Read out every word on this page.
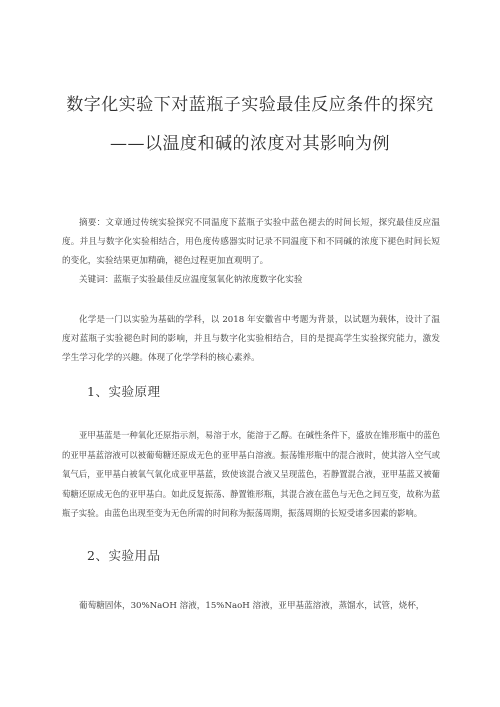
数字化实验下对蓝瓶子实验最佳反应条件的探究
——以温度和碱的浓度对其影响为例

摘要：文章通过传统实验探究不同温度下蓝瓶子实验中蓝色褪去的时间长短，探究最佳反应温度。并且与数字化实验相结合，用色度传感器实时记录不同温度下和不同碱的浓度下褪色时间长短的变化，实验结果更加精确，褪色过程更加直观明了。

关键词：蓝瓶子实验最佳反应温度氢氧化钠浓度数字化实验

化学是一门以实验为基础的学科，以 2018 年安徽省中考题为背景，以试题为载体，设计了温度对蓝瓶子实验褪色时间的影响，并且与数字化实验相结合，目的是提高学生实验探究能力，激发学生学习化学的兴趣。体现了化学学科的核心素养。

1、实验原理

亚甲基蓝是一种氧化还原指示剂，易溶于水，能溶于乙醇。在碱性条件下，盛放在锥形瓶中的蓝色的亚甲基蓝溶液可以被葡萄糖还原成无色的亚甲基白溶液。振荡锥形瓶中的混合液时，使其溶入空气或氧气后，亚甲基白被氧气氧化成亚甲基蓝，致使该混合液又呈现蓝色，若静置混合液，亚甲基蓝又被葡萄糖还原成无色的亚甲基白。如此反复振荡、静置锥形瓶，其混合液在蓝色与无色之间互变，故称为蓝瓶子实验。由蓝色出现至变为无色所需的时间称为振荡周期，振荡周期的长短受诸多因素的影响。

2、实验用品

葡萄糖固体，30%NaOH 溶液，15%NaoH 溶液，亚甲基蓝溶液，蒸馏水，试管，烧杯，
